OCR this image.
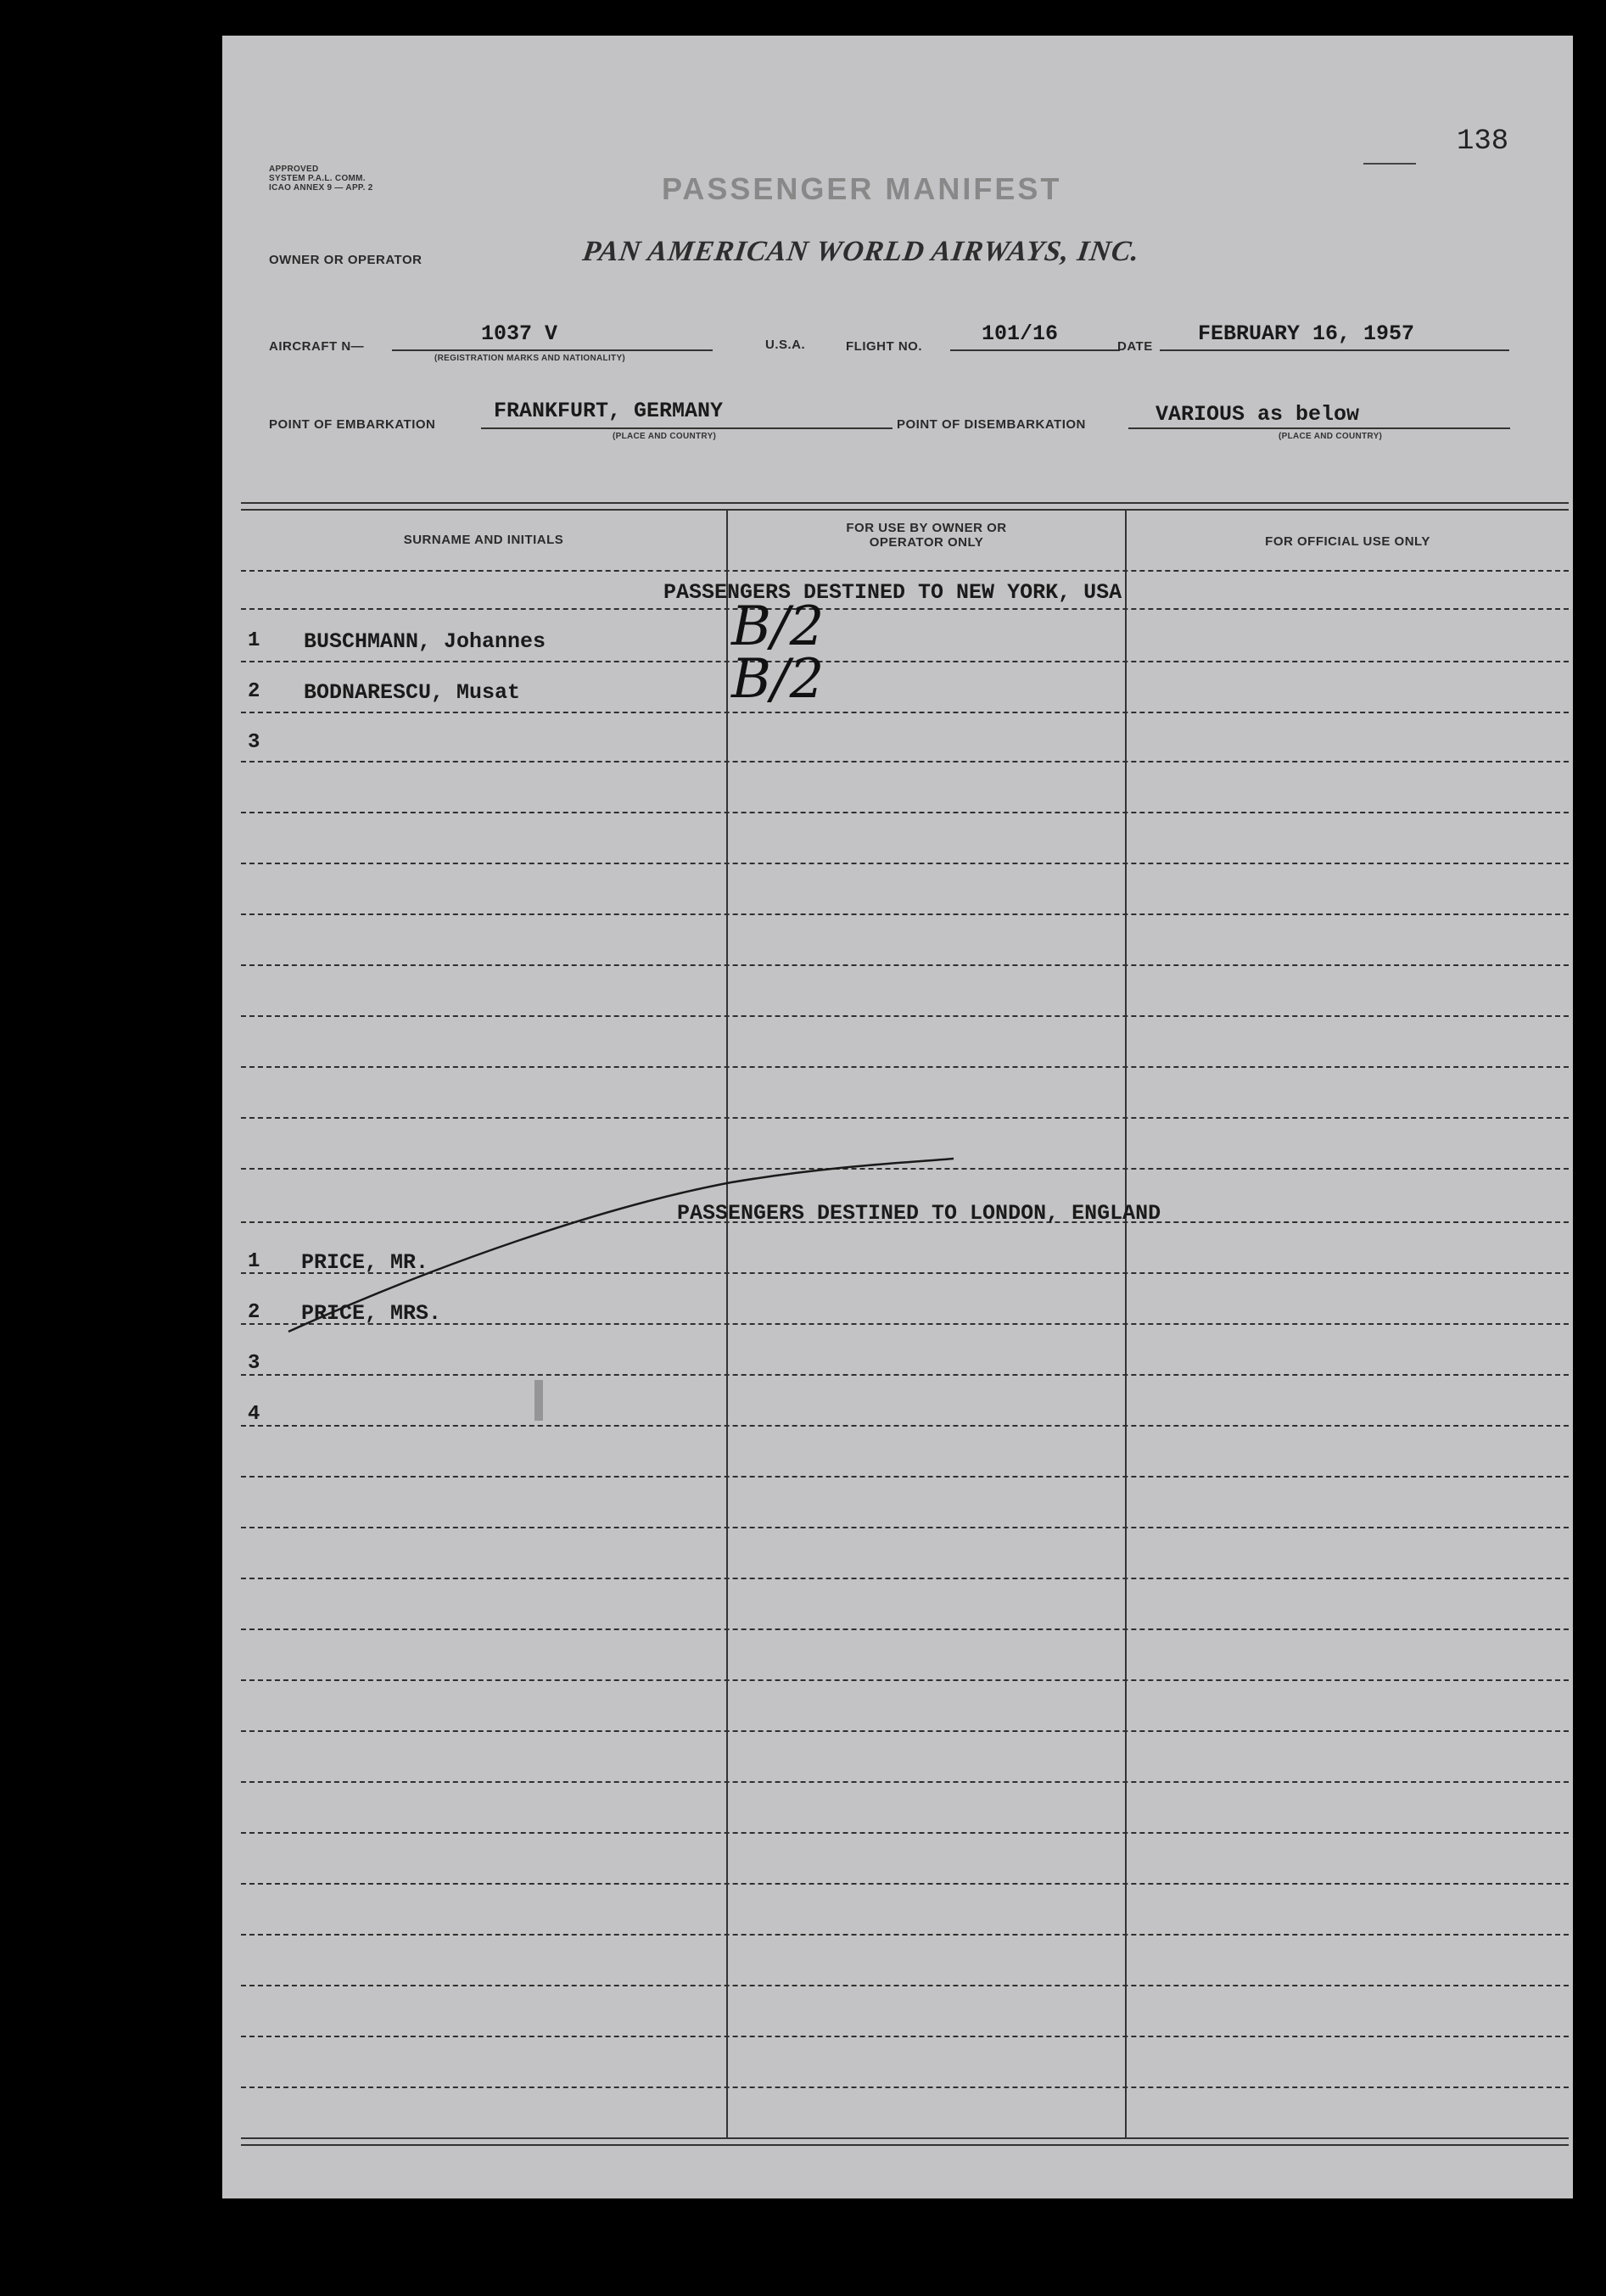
138
APPROVED
SYSTEM P.A.L. COMM.
ICAO ANNEX 9 — APP. 2	PASSENGER MANIFEST
OWNER OR OPERATOR	PAN AMERICAN WORLD AIRWAYS, INC.
AIRCRAFT N—
1037 V
(REGISTRATION MARKS AND NATIONALITY)
U.S.A.	FLIGHT NO.
101/16
DATE
FEBRUARY 16, 1957
POINT OF EMBARKATION
FRANKFURT, GERMANY
(PLACE AND COUNTRY)
POINT OF DISEMBARKATION	VARIOUS as below
(PLACE AND COUNTRY)
SURNAME AND INITIALS
FOR USE BY OWNER OR OPERATOR ONLY	FOR OFFICIAL USE ONLY
PASSENGERS DESTINED TO NEW YORK, USA
1 BUSCHMANN, Johannes	B/2
2 BODNARESCU, Musat	B/2
3
PASSENGERS DESTINED TO LONDON, ENGLAND
1 PRICE, MR.
2 PRICE, MRS.
3
4
